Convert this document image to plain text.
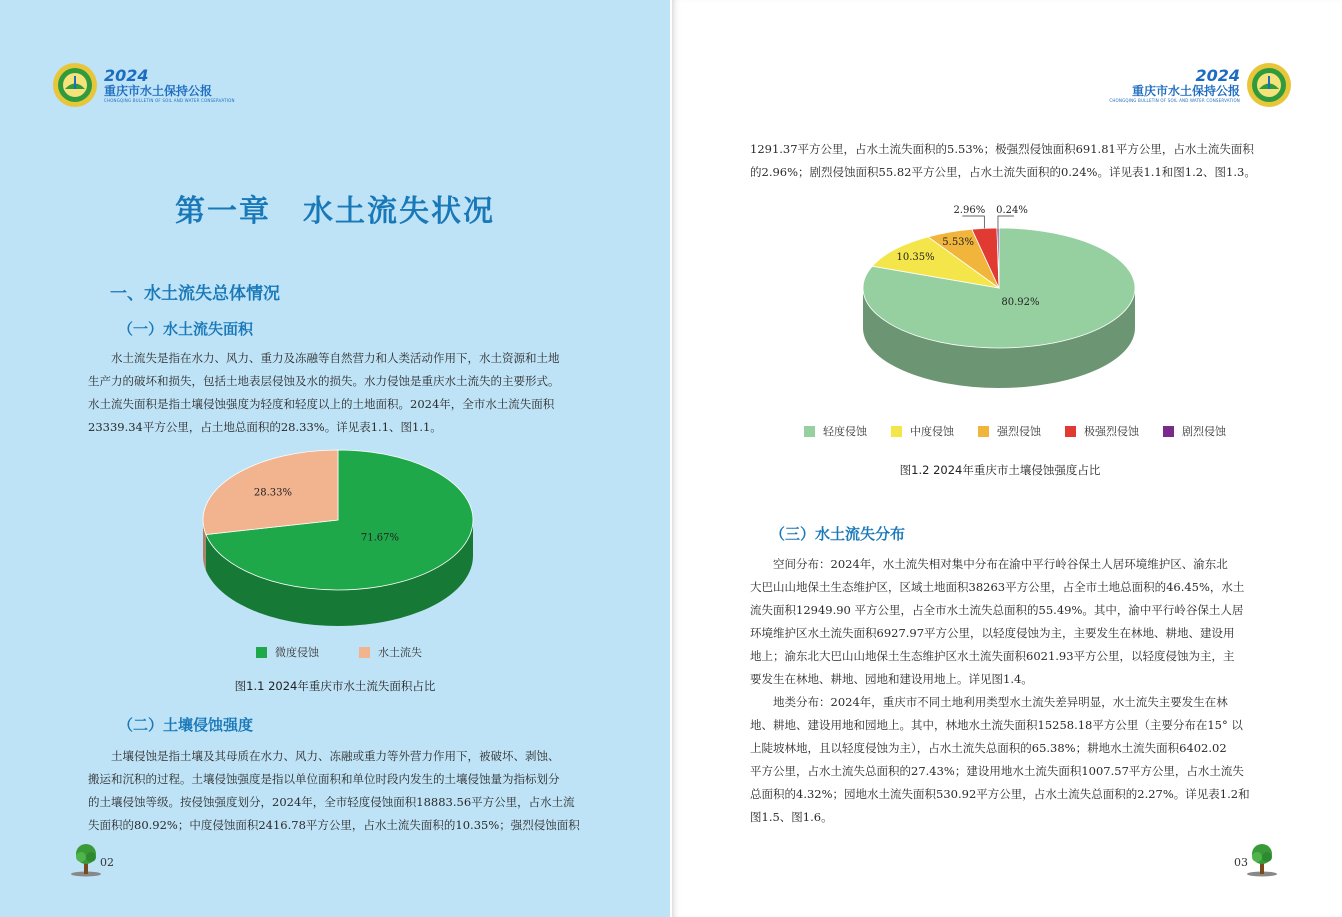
2024
重庆市水土保持公报
CHONGQING BULLETIN OF SOIL AND WATER CONSERVATION
第一章　水土流失状况
一、水土流失总体情况
（一）水土流失面积
水土流失是指在水力、风力、重力及冻融等自然营力和人类活动作用下，水土资源和土地
生产力的破坏和损失，包括土地表层侵蚀及水的损失。水力侵蚀是重庆水土流失的主要形式。
水土流失面积是指土壤侵蚀强度为轻度和轻度以上的土地面积。2024年，全市水土流失面积
23339.34平方公里，占土地总面积的28.33%。详见表1.1、图1.1。
71.67%
28.33%
微度侵蚀	水土流失
图1.1 2024年重庆市水土流失面积占比
（二）土壤侵蚀强度
土壤侵蚀是指土壤及其母质在水力、风力、冻融或重力等外营力作用下，被破坏、剥蚀、
搬运和沉积的过程。土壤侵蚀强度是指以单位面积和单位时段内发生的土壤侵蚀量为指标划分
的土壤侵蚀等级。按侵蚀强度划分，2024年，全市轻度侵蚀面积18883.56平方公里，占水土流
失面积的80.92%；中度侵蚀面积2416.78平方公里，占水土流失面积的10.35%；强烈侵蚀面积
02
2024
重庆市水土保持公报
CHONGQING BULLETIN OF SOIL AND WATER CONSERVATION
1291.37平方公里，占水土流失面积的5.53%；极强烈侵蚀面积691.81平方公里，占水土流失面积
的2.96%；剧烈侵蚀面积55.82平方公里，占水土流失面积的0.24%。详见表1.1和图1.2、图1.3。
80.92%
10.35%
5.53%
2.96% 0.24%
轻度侵蚀	中度侵蚀	强烈侵蚀	极强烈侵蚀	剧烈侵蚀
图1.2 2024年重庆市土壤侵蚀强度占比
（三）水土流失分布
空间分布：2024年，水土流失相对集中分布在渝中平行岭谷保土人居环境维护区、渝东北
大巴山山地保土生态维护区，区域土地面积38263平方公里，占全市土地总面积的46.45%，水土
流失面积12949.90 平方公里，占全市水土流失总面积的55.49%。其中，渝中平行岭谷保土人居
环境维护区水土流失面积6927.97平方公里，以轻度侵蚀为主，主要发生在林地、耕地、建设用
地上；渝东北大巴山山地保土生态维护区水土流失面积6021.93平方公里，以轻度侵蚀为主，主
要发生在林地、耕地、园地和建设用地上。详见图1.4。
地类分布：2024年，重庆市不同土地利用类型水土流失差异明显，水土流失主要发生在林
地、耕地、建设用地和园地上。其中，林地水土流失面积15258.18平方公里（主要分布在15° 以
上陡坡林地，且以轻度侵蚀为主），占水土流失总面积的65.38%；耕地水土流失面积6402.02
平方公里，占水土流失总面积的27.43%；建设用地水土流失面积1007.57平方公里，占水土流失
总面积的4.32%；园地水土流失面积530.92平方公里，占水土流失总面积的2.27%。详见表1.2和
图1.5、图1.6。
03
